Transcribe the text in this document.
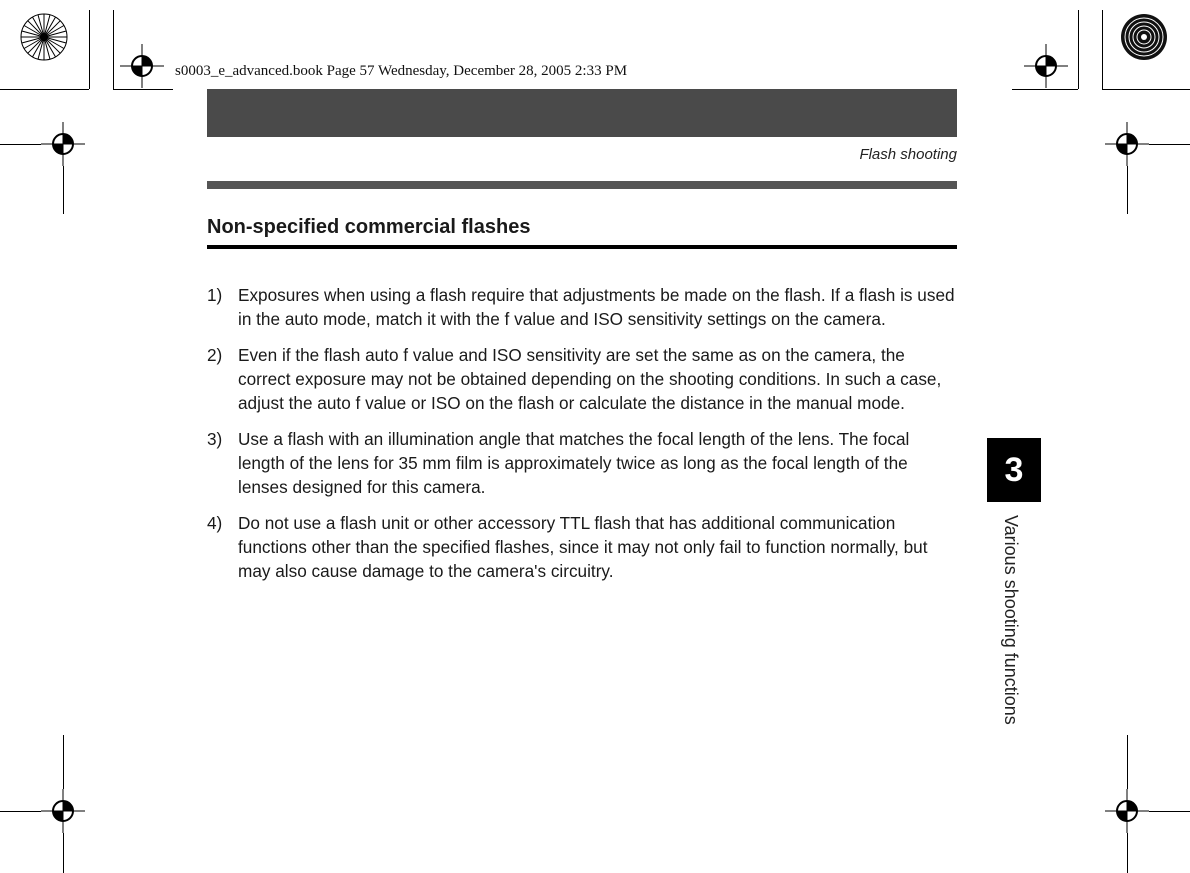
s0003_e_advanced.book Page 57 Wednesday, December 28, 2005 2:33 PM
Flash shooting
Non-specified commercial flashes
1) Exposures when using a flash require that adjustments be made on the flash. If a flash is used in the auto mode, match it with the f value and ISO sensitivity settings on the camera.
2) Even if the flash auto f value and ISO sensitivity are set the same as on the camera, the correct exposure may not be obtained depending on the shooting conditions. In such a case, adjust the auto f value or ISO on the flash or calculate the distance in the manual mode.
3) Use a flash with an illumination angle that matches the focal length of the lens. The focal length of the lens for 35 mm film is approximately twice as long as the focal length of the lenses designed for this camera.
4) Do not use a flash unit or other accessory TTL flash that has additional communication functions other than the specified flashes, since it may not only fail to function normally, but may also cause damage to the camera's circuitry.
3
Various shooting functions
